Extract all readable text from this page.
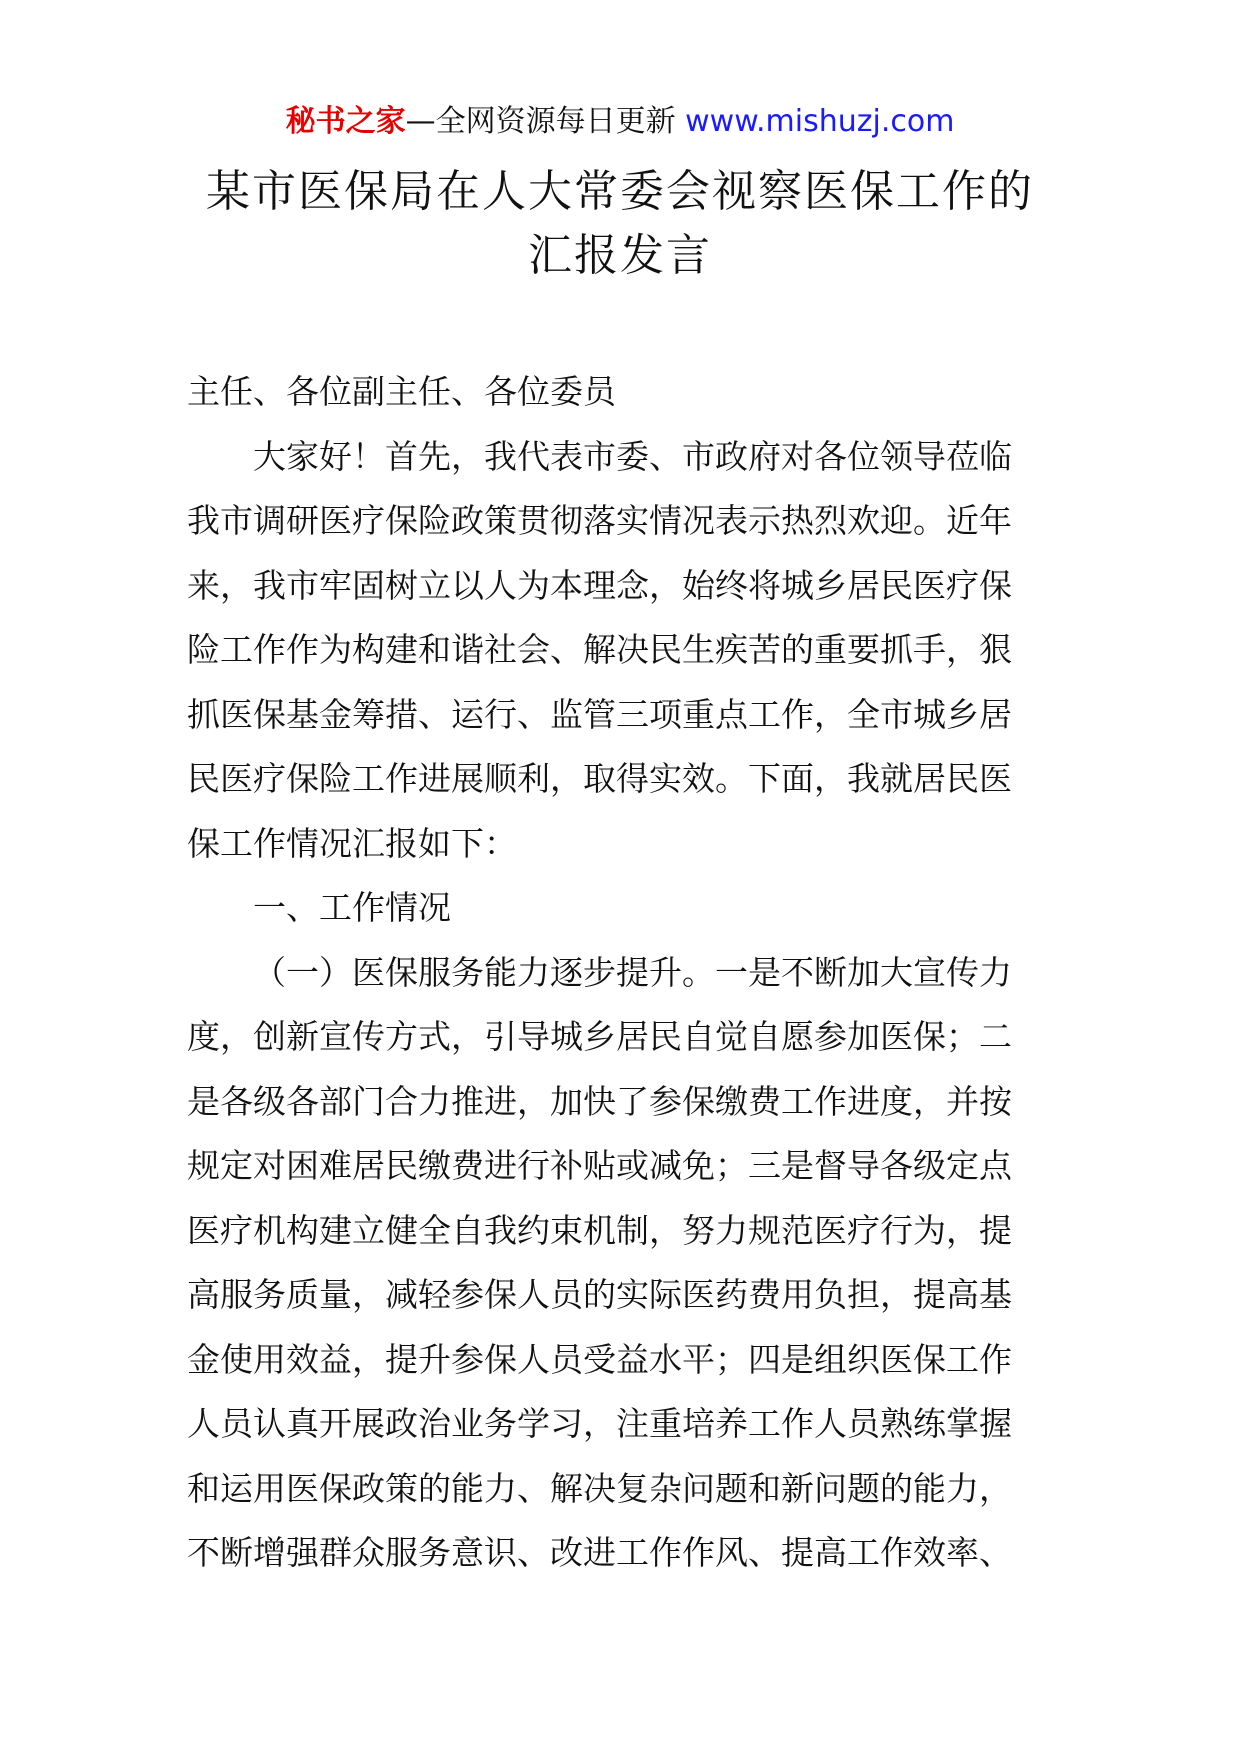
秘书之家—全网资源每日更新 www.mishuzj.com
某市医保局在人大常委会视察医保工作的
汇报发言
主任、各位副主任、各位委员
大家好！首先，我代表市委、市政府对各位领导莅临
我市调研医疗保险政策贯彻落实情况表示热烈欢迎。近年
来，我市牢固树立以人为本理念，始终将城乡居民医疗保
险工作作为构建和谐社会、解决民生疾苦的重要抓手，狠
抓医保基金筹措、运行、监管三项重点工作，全市城乡居
民医疗保险工作进展顺利，取得实效。下面，我就居民医
保工作情况汇报如下：
一、工作情况
（一）医保服务能力逐步提升。一是不断加大宣传力
度，创新宣传方式，引导城乡居民自觉自愿参加医保；二
是各级各部门合力推进，加快了参保缴费工作进度，并按
规定对困难居民缴费进行补贴或减免；三是督导各级定点
医疗机构建立健全自我约束机制，努力规范医疗行为，提
高服务质量，减轻参保人员的实际医药费用负担，提高基
金使用效益，提升参保人员受益水平；四是组织医保工作
人员认真开展政治业务学习，注重培养工作人员熟练掌握
和运用医保政策的能力、解决复杂问题和新问题的能力，
不断增强群众服务意识、改进工作作风、提高工作效率、
